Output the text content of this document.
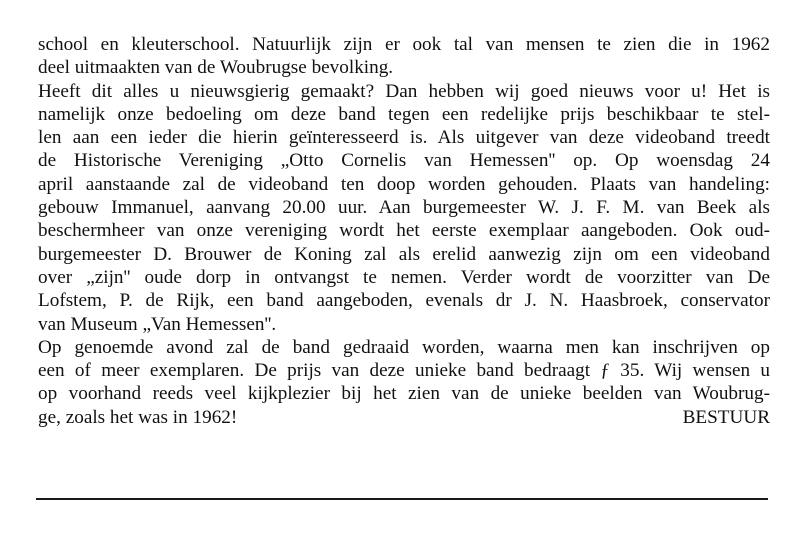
school en kleuterschool. Natuurlijk zijn er ook tal van mensen te zien die in 1962
deel uitmaakten van de Woubrugse bevolking.
Heeft dit alles u nieuwsgierig gemaakt? Dan hebben wij goed nieuws voor u! Het is
namelijk onze bedoeling om deze band tegen een redelijke prijs beschikbaar te stel-
len aan een ieder die hierin geïnteresseerd is. Als uitgever van deze videoband treedt
de Historische Vereniging „Otto Cornelis van Hemessen'' op. Op woensdag 24
april aanstaande zal de videoband ten doop worden gehouden. Plaats van handeling:
gebouw Immanuel, aanvang 20.00 uur. Aan burgemeester W. J. F. M. van Beek als
beschermheer van onze vereniging wordt het eerste exemplaar aangeboden. Ook oud-
burgemeester D. Brouwer de Koning zal als erelid aanwezig zijn om een videoband
over „zijn'' oude dorp in ontvangst te nemen. Verder wordt de voorzitter van De
Lofstem, P. de Rijk, een band aangeboden, evenals dr J. N. Haasbroek, conservator
van Museum „Van Hemessen''.
Op genoemde avond zal de band gedraaid worden, waarna men kan inschrijven op
een of meer exemplaren. De prijs van deze unieke band bedraagt ƒ 35. Wij wensen u
op voorhand reeds veel kijkplezier bij het zien van de unieke beelden van Woubrug-
ge, zoals het was in 1962!	BESTUUR
